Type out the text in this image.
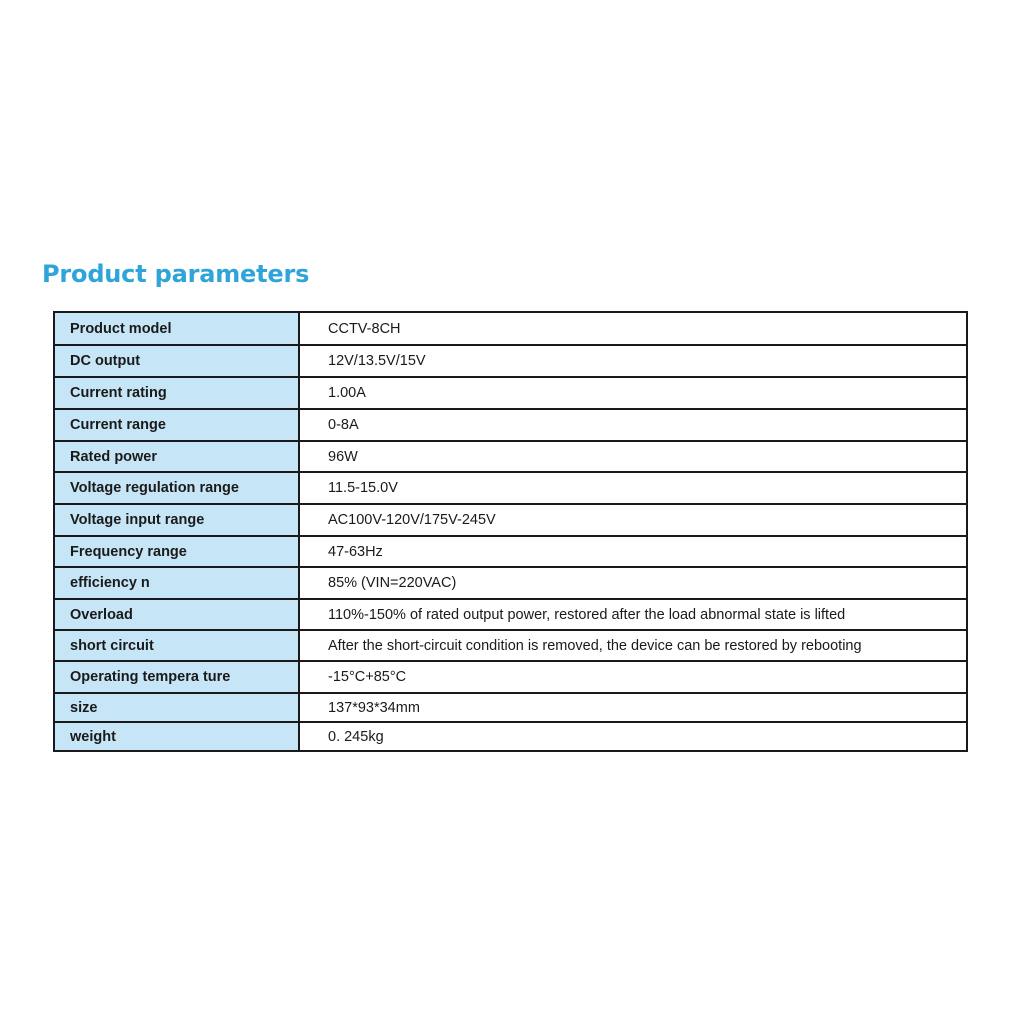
Product parameters
Product model	CCTV-8CH
DC output	12V/13.5V/15V
Current rating	1.00A
Current range	0-8A
Rated power	96W
Voltage regulation range	11.5-15.0V
Voltage input range	AC100V-120V/175V-245V
Frequency range	47-63Hz
efficiency n	85% (VIN=220VAC)
Overload	110%-150% of rated output power, restored after the load abnormal state is lifted
short circuit	After the short-circuit condition is removed, the device can be restored by rebooting
Operating tempera ture	-15°C+85°C
size	137*93*34mm
weight	0. 245kg
